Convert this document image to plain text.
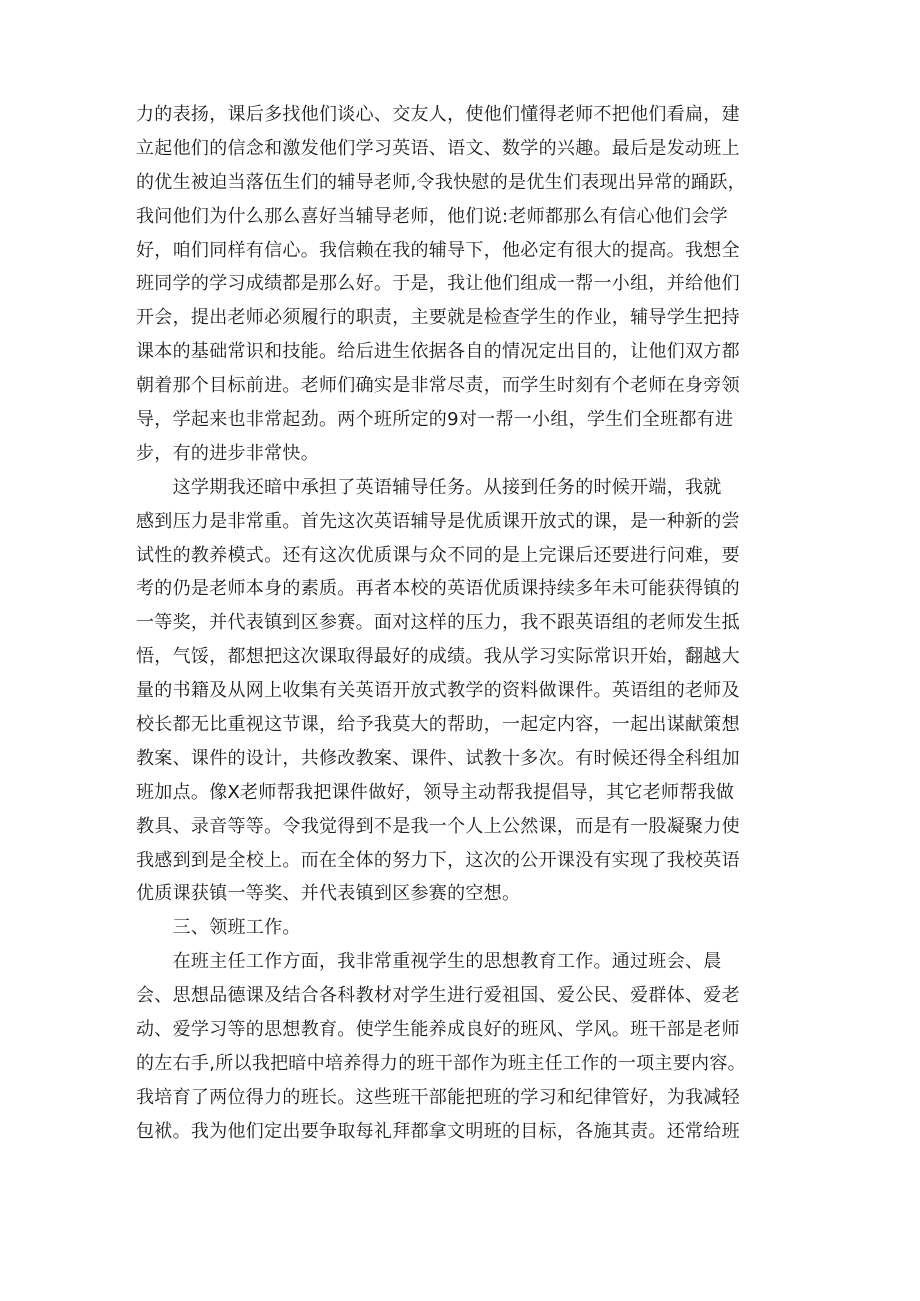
力的表扬，课后多找他们谈心、交友人，使他们懂得老师不把他们看扁，建
立起他们的信念和激发他们学习英语、语文、数学的兴趣。最后是发动班上
的优生被迫当落伍生们的辅导老师,令我快慰的是优生们表现出异常的踊跃，
我问他们为什么那么喜好当辅导老师，他们说:老师都那么有信心他们会学
好，咱们同样有信心。我信赖在我的辅导下，他必定有很大的提高。我想全
班同学的学习成绩都是那么好。于是，我让他们组成一帮一小组，并给他们
开会，提出老师必须履行的职责，主要就是检查学生的作业，辅导学生把持
课本的基础常识和技能。给后进生依据各自的情况定出目的，让他们双方都
朝着那个目标前进。老师们确实是非常尽责，而学生时刻有个老师在身旁领
导，学起来也非常起劲。两个班所定的9对一帮一小组，学生们全班都有进
步，有的进步非常快。
　　这学期我还暗中承担了英语辅导任务。从接到任务的时候开端，我就
感到压力是非常重。首先这次英语辅导是优质课开放式的课，是一种新的尝
试性的教养模式。还有这次优质课与众不同的是上完课后还要进行问难，要
考的仍是老师本身的素质。再者本校的英语优质课持续多年未可能获得镇的
一等奖，并代表镇到区参赛。面对这样的压力，我不跟英语组的老师发生抵
悟，气馁，都想把这次课取得最好的成绩。我从学习实际常识开始，翻越大
量的书籍及从网上收集有关英语开放式教学的资料做课件。英语组的老师及
校长都无比重视这节课，给予我莫大的帮助，一起定内容，一起出谋献策想
教案、课件的设计，共修改教案、课件、试教十多次。有时候还得全科组加
班加点。像X老师帮我把课件做好，领导主动帮我提倡导，其它老师帮我做
教具、录音等等。令我觉得到不是我一个人上公然课，而是有一股凝聚力使
我感到到是全校上。而在全体的努力下，这次的公开课没有实现了我校英语
优质课获镇一等奖、并代表镇到区参赛的空想。
　　三、领班工作。
　　在班主任工作方面，我非常重视学生的思想教育工作。通过班会、晨
会、思想品德课及结合各科教材对学生进行爱祖国、爱公民、爱群体、爱老
动、爱学习等的思想教育。使学生能养成良好的班风、学风。班干部是老师
的左右手,所以我把暗中培养得力的班干部作为班主任工作的一项主要内容。
我培育了两位得力的班长。这些班干部能把班的学习和纪律管好，为我减轻
包袱。我为他们定出要争取每礼拜都拿文明班的目标，各施其责。还常给班
